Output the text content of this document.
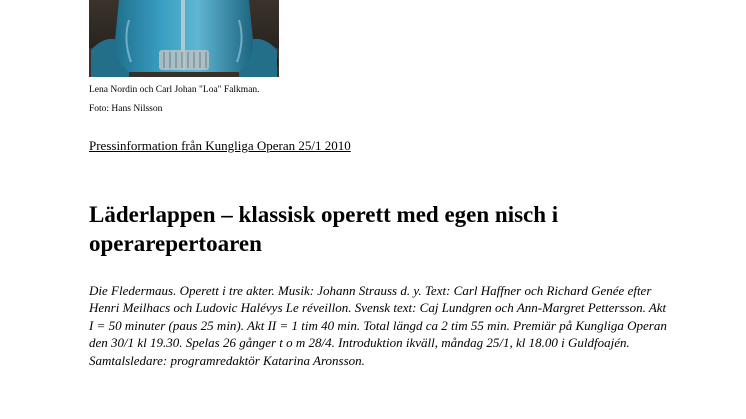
Lena Nordin och Carl Johan "Loa" Falkman.
Foto: Hans Nilsson
Pressinformation från Kungliga Operan 25/1 2010
Läderlappen – klassisk operett med egen nisch i operarepertoaren

Die Fledermaus. Operett i tre akter. Musik: Johann Strauss d. y. Text: Carl Haffner och Richard Genée efter Henri Meilhacs och Ludovic Halévys Le réveillon. Svensk text: Caj Lundgren och Ann-Margret Pettersson. Akt I = 50 minuter (paus 25 min). Akt II = 1 tim 40 min. Total längd ca 2 tim 55 min. Premiär på Kungliga Operan den 30/1 kl 19.30. Spelas 26 gånger t o m 28/4. Introduktion ikväll, måndag 25/1, kl 18.00 i Guldfoajén. Samtalsledare: programredaktör Katarina Aronsson.
